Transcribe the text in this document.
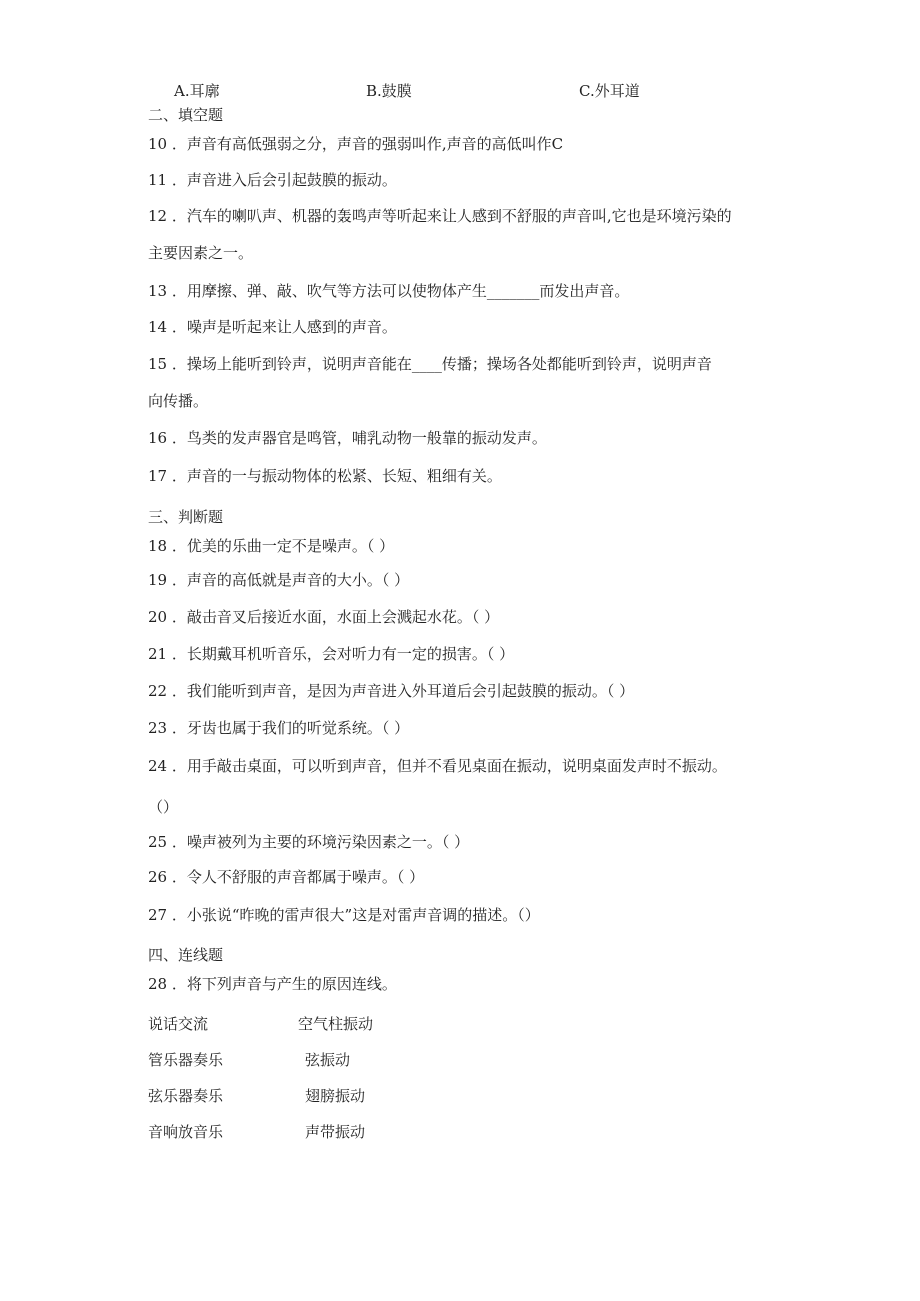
A.耳廓	B.鼓膜	C.外耳道
二、填空题
10 ．声音有高低强弱之分，声音的强弱叫作,声音的高低叫作C
11 ．声音进入后会引起鼓膜的振动。
12 ．汽车的喇叭声、机器的轰鸣声等听起来让人感到不舒服的声音叫,它也是环境污染的
主要因素之一。
13 ．用摩擦、弹、敲、吹气等方法可以使物体产生_______而发出声音。
14 ．噪声是听起来让人感到的声音。
15 ．操场上能听到铃声，说明声音能在____传播；操场各处都能听到铃声，说明声音
向传播。
16 ．鸟类的发声器官是鸣管，哺乳动物一般靠的振动发声。
17 ．声音的一与振动物体的松紧、长短、粗细有关。
三、判断题
18 ．优美的乐曲一定不是噪声。（ ）
19 ．声音的高低就是声音的大小。（ ）
20 ．敲击音叉后接近水面，水面上会溅起水花。（ ）
21 ．长期戴耳机听音乐，会对听力有一定的损害。（ ）
22 ．我们能听到声音，是因为声音进入外耳道后会引起鼓膜的振动。（ ）
23 ．牙齿也属于我们的听觉系统。（ ）
24 ．用手敲击桌面，可以听到声音，但并不看见桌面在振动，说明桌面发声时不振动。
（）
25 ．噪声被列为主要的环境污染因素之一。（ ）
26 ．令人不舒服的声音都属于噪声。（ ）
27 ．小张说“昨晚的雷声很大”这是对雷声音调的描述。（）
四、连线题
28 ．将下列声音与产生的原因连线。
说话交流	空气柱振动
管乐器奏乐	弦振动
弦乐器奏乐	翅膀振动
音响放音乐	声带振动
